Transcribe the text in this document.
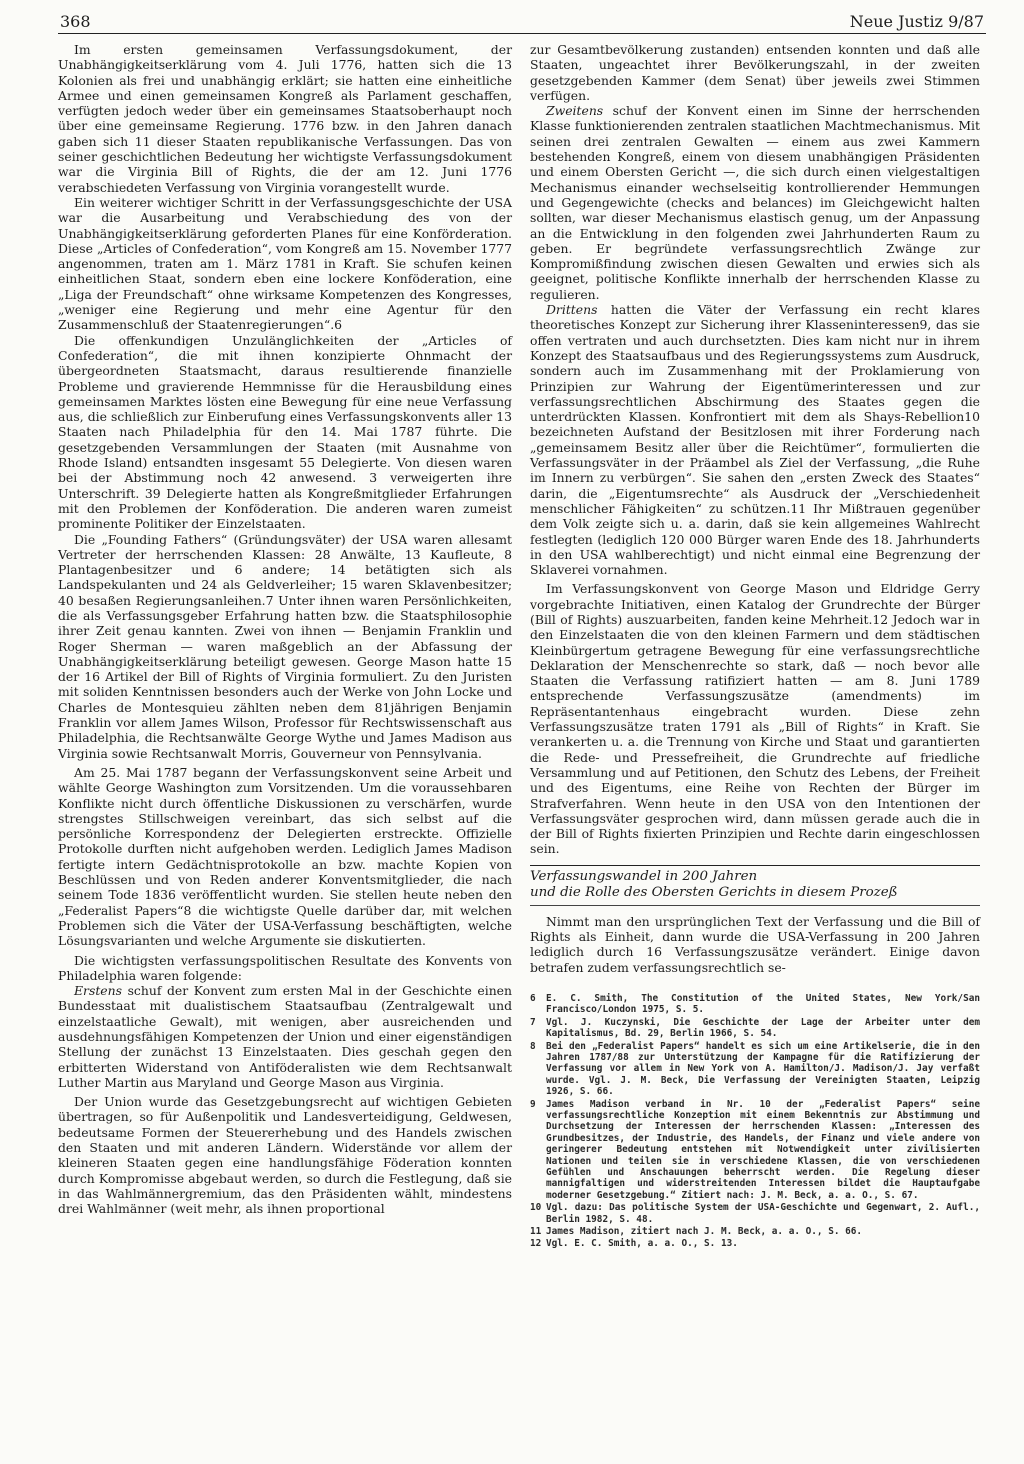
368	Neue Justiz 9/87

Im ersten gemeinsamen Verfassungsdokument, der Unabhängigkeitserklärung vom 4. Juli 1776, hatten sich die 13 Kolonien als frei und unabhängig erklärt; sie hatten eine einheitliche Armee und einen gemeinsamen Kongreß als Parlament geschaffen, verfügten jedoch weder über ein gemeinsames Staatsoberhaupt noch über eine gemeinsame Regierung. 1776 bzw. in den Jahren danach gaben sich 11 dieser Staaten republikanische Verfassungen. Das von seiner geschichtlichen Bedeutung her wichtigste Verfassungsdokument war die Virginia Bill of Rights, die der am 12. Juni 1776 verabschiedeten Verfassung von Virginia vorangestellt wurde.

Ein weiterer wichtiger Schritt in der Verfassungsgeschichte der USA war die Ausarbeitung und Verabschiedung des von der Unabhängigkeitserklärung geforderten Planes für eine Konförderation. Diese „Articles of Confederation“, vom Kongreß am 15. November 1777 angenommen, traten am 1. März 1781 in Kraft. Sie schufen keinen einheitlichen Staat, sondern eben eine lockere Konföderation, eine „Liga der Freundschaft“ ohne wirksame Kompetenzen des Kongresses, „weniger eine Regierung und mehr eine Agentur für den Zusammenschluß der Staatenregierungen“.6

Die offenkundigen Unzulänglichkeiten der „Articles of Confederation“, die mit ihnen konzipierte Ohnmacht der übergeordneten Staatsmacht, daraus resultierende finanzielle Probleme und gravierende Hemmnisse für die Herausbildung eines gemeinsamen Marktes lösten eine Bewegung für eine neue Verfassung aus, die schließlich zur Einberufung eines Verfassungskonvents aller 13 Staaten nach Philadelphia für den 14. Mai 1787 führte. Die gesetzgebenden Versammlungen der Staaten (mit Ausnahme von Rhode Island) entsandten insgesamt 55 Delegierte. Von diesen waren bei der Abstimmung noch 42 anwesend. 3 verweigerten ihre Unterschrift. 39 Delegierte hatten als Kongreßmitglieder Erfahrungen mit den Problemen der Konföderation. Die anderen waren zumeist prominente Politiker der Einzelstaaten.

Die „Founding Fathers“ (Gründungsväter) der USA waren allesamt Vertreter der herrschenden Klassen: 28 Anwälte, 13 Kaufleute, 8 Plantagenbesitzer und 6 andere; 14 betätigten sich als Landspekulanten und 24 als Geldverleiher; 15 waren Sklavenbesitzer; 40 besaßen Regierungsanleihen.7 Unter ihnen waren Persönlichkeiten, die als Verfassungsgeber Erfahrung hatten bzw. die Staatsphilosophie ihrer Zeit genau kannten. Zwei von ihnen — Benjamin Franklin und Roger Sherman — waren maßgeblich an der Abfassung der Unabhängigkeitserklärung beteiligt gewesen. George Mason hatte 15 der 16 Artikel der Bill of Rights of Virginia formuliert. Zu den Juristen mit soliden Kenntnissen besonders auch der Werke von John Locke und Charles de Montesquieu zählten neben dem 81jährigen Benjamin Franklin vor allem James Wilson, Professor für Rechtswissenschaft aus Philadelphia, die Rechtsanwälte George Wythe und James Madison aus Virginia sowie Rechtsanwalt Morris, Gouverneur von Pennsylvania.

Am 25. Mai 1787 begann der Verfassungskonvent seine Arbeit und wählte George Washington zum Vorsitzenden. Um die voraussehbaren Konflikte nicht durch öffentliche Diskussionen zu verschärfen, wurde strengstes Stillschweigen vereinbart, das sich selbst auf die persönliche Korrespondenz der Delegierten erstreckte. Offizielle Protokolle durften nicht aufgehoben werden. Lediglich James Madison fertigte intern Gedächtnisprotokolle an bzw. machte Kopien von Beschlüssen und von Reden anderer Konventsmitglieder, die nach seinem Tode 1836 veröffentlicht wurden. Sie stellen heute neben den „Federalist Papers“8 die wichtigste Quelle darüber dar, mit welchen Problemen sich die Väter der USA-Verfassung beschäftigten, welche Lösungsvarianten und welche Argumente sie diskutierten.

Die wichtigsten verfassungspolitischen Resultate des Konvents von Philadelphia waren folgende:

Erstens schuf der Konvent zum ersten Mal in der Geschichte einen Bundesstaat mit dualistischem Staatsaufbau (Zentralgewalt und einzelstaatliche Gewalt), mit wenigen, aber ausreichenden und ausdehnungsfähigen Kompetenzen der Union und einer eigenständigen Stellung der zunächst 13 Einzelstaaten. Dies geschah gegen den erbitterten Widerstand von Antiföderalisten wie dem Rechtsanwalt Luther Martin aus Maryland und George Mason aus Virginia.

Der Union wurde das Gesetzgebungsrecht auf wichtigen Gebieten übertragen, so für Außenpolitik und Landesverteidigung, Geldwesen, bedeutsame Formen der Steuererhebung und des Handels zwischen den Staaten und mit anderen Ländern. Widerstände vor allem der kleineren Staaten gegen eine handlungsfähige Föderation konnten durch Kompromisse abgebaut werden, so durch die Festlegung, daß sie in das Wahlmännergremium, das den Präsidenten wählt, mindestens drei Wahlmänner (weit mehr, als ihnen proportional

zur Gesamtbevölkerung zustanden) entsenden konnten und daß alle Staaten, ungeachtet ihrer Bevölkerungszahl, in der zweiten gesetzgebenden Kammer (dem Senat) über jeweils zwei Stimmen verfügen.

Zweitens schuf der Konvent einen im Sinne der herrschenden Klasse funktionierenden zentralen staatlichen Machtmechanismus. Mit seinen drei zentralen Gewalten — einem aus zwei Kammern bestehenden Kongreß, einem von diesem unabhängigen Präsidenten und einem Obersten Gericht —, die sich durch einen vielgestaltigen Mechanismus einander wechselseitig kontrollierender Hemmungen und Gegengewichte (checks and belances) im Gleichgewicht halten sollten, war dieser Mechanismus elastisch genug, um der Anpassung an die Entwicklung in den folgenden zwei Jahrhunderten Raum zu geben. Er begründete verfassungsrechtlich Zwänge zur Kompromißfindung zwischen diesen Gewalten und erwies sich als geeignet, politische Konflikte innerhalb der herrschenden Klasse zu regulieren.

Drittens hatten die Väter der Verfassung ein recht klares theoretisches Konzept zur Sicherung ihrer Klasseninteressen9, das sie offen vertraten und auch durchsetzten. Dies kam nicht nur in ihrem Konzept des Staatsaufbaus und des Regierungssystems zum Ausdruck, sondern auch im Zusammenhang mit der Proklamierung von Prinzipien zur Wahrung der Eigentümerinteressen und zur verfassungsrechtlichen Abschirmung des Staates gegen die unterdrückten Klassen. Konfrontiert mit dem als Shays-Rebellion10 bezeichneten Aufstand der Besitzlosen mit ihrer Forderung nach „gemeinsamem Besitz aller über die Reichtümer“, formulierten die Verfassungsväter in der Präambel als Ziel der Verfassung, „die Ruhe im Innern zu verbürgen“. Sie sahen den „ersten Zweck des Staates“ darin, die „Eigentumsrechte“ als Ausdruck der „Verschiedenheit menschlicher Fähigkeiten“ zu schützen.11 Ihr Mißtrauen gegenüber dem Volk zeigte sich u. a. darin, daß sie kein allgemeines Wahlrecht festlegten (lediglich 120 000 Bürger waren Ende des 18. Jahrhunderts in den USA wahlberechtigt) und nicht einmal eine Begrenzung der Sklaverei vornahmen.

Im Verfassungskonvent von George Mason und Eldridge Gerry vorgebrachte Initiativen, einen Katalog der Grundrechte der Bürger (Bill of Rights) auszuarbeiten, fanden keine Mehrheit.12 Jedoch war in den Einzelstaaten die von den kleinen Farmern und dem städtischen Kleinbürgertum getragene Bewegung für eine verfassungsrechtliche Deklaration der Menschenrechte so stark, daß — noch bevor alle Staaten die Verfassung ratifiziert hatten — am 8. Juni 1789 entsprechende Verfassungszusätze (amendments) im Repräsentantenhaus eingebracht wurden. Diese zehn Verfassungszusätze traten 1791 als „Bill of Rights“ in Kraft. Sie verankerten u. a. die Trennung von Kirche und Staat und garantierten die Rede- und Pressefreiheit, die Grundrechte auf friedliche Versammlung und auf Petitionen, den Schutz des Lebens, der Freiheit und des Eigentums, eine Reihe von Rechten der Bürger im Strafverfahren. Wenn heute in den USA von den Intentionen der Verfassungsväter gesprochen wird, dann müssen gerade auch die in der Bill of Rights fixierten Prinzipien und Rechte darin eingeschlossen sein.

Verfassungswandel in 200 Jahren
und die Rolle des Obersten Gerichts in diesem Prozeß

Nimmt man den ursprünglichen Text der Verfassung und die Bill of Rights als Einheit, dann wurde die USA-Verfassung in 200 Jahren lediglich durch 16 Verfassungszusätze verändert. Einige davon betrafen zudem verfassungsrechtlich se-

6	E. C. Smith, The Constitution of the United States, New York/San Francisco/London 1975, S. 5.
7	Vgl. J. Kuczynski, Die Geschichte der Lage der Arbeiter unter dem Kapitalismus, Bd. 29, Berlin 1966, S. 54.
8	Bei den „Federalist Papers“ handelt es sich um eine Artikelserie, die in den Jahren 1787/88 zur Unterstützung der Kampagne für die Ratifizierung der Verfassung vor allem in New York von A. Hamilton/J. Madison/J. Jay verfaßt wurde. Vgl. J. M. Beck, Die Verfassung der Vereinigten Staaten, Leipzig 1926, S. 66.
9	James Madison verband in Nr. 10 der „Federalist Papers“ seine verfassungsrechtliche Konzeption mit einem Bekenntnis zur Abstimmung und Durchsetzung der Interessen der herrschenden Klassen: „Interessen des Grundbesitzes, der Industrie, des Handels, der Finanz und viele andere von geringerer Bedeutung entstehen mit Notwendigkeit unter zivilisierten Nationen und teilen sie in verschiedene Klassen, die von verschiedenen Gefühlen und Anschauungen beherrscht werden. Die Regelung dieser mannigfaltigen und widerstreitenden Interessen bildet die Hauptaufgabe moderner Gesetzgebung.“ Zitiert nach: J. M. Beck, a. a. O., S. 67.
10 Vgl. dazu: Das politische System der USA-Geschichte und Gegenwart, 2. Aufl., Berlin 1982, S. 48.
11 James Madison, zitiert nach J. M. Beck, a. a. O., S. 66.
12 Vgl. E. C. Smith, a. a. O., S. 13.
